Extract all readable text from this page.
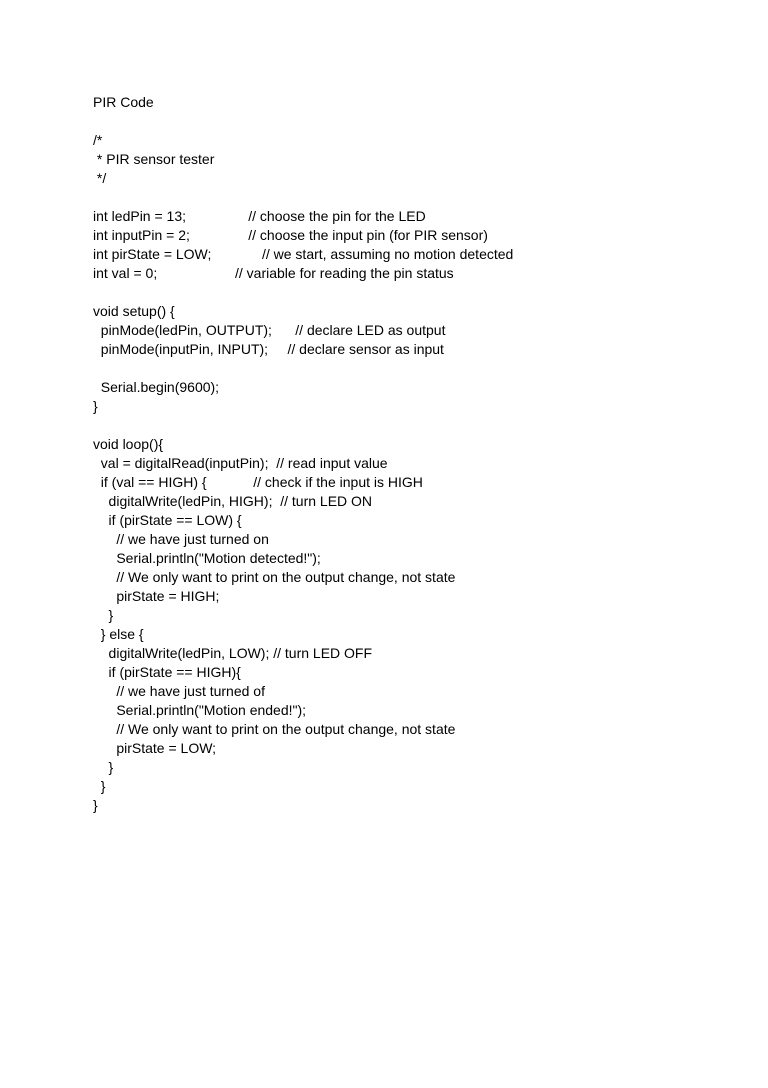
PIR Code
/*
* PIR sensor tester
*/
int ledPin = 13;                // choose the pin for the LED
int inputPin = 2;               // choose the input pin (for PIR sensor)
int pirState = LOW;             // we start, assuming no motion detected
int val = 0;                    // variable for reading the pin status
void setup() {
pinMode(ledPin, OUTPUT);      // declare LED as output
pinMode(inputPin, INPUT);     // declare sensor as input
Serial.begin(9600);
}
void loop(){
val = digitalRead(inputPin);  // read input value
if (val == HIGH) {            // check if the input is HIGH
digitalWrite(ledPin, HIGH);  // turn LED ON
if (pirState == LOW) {
// we have just turned on
Serial.println("Motion detected!");
// We only want to print on the output change, not state
pirState = HIGH;
}
} else {
digitalWrite(ledPin, LOW); // turn LED OFF
if (pirState == HIGH){
// we have just turned of
Serial.println("Motion ended!");
// We only want to print on the output change, not state
pirState = LOW;
}
}
}
